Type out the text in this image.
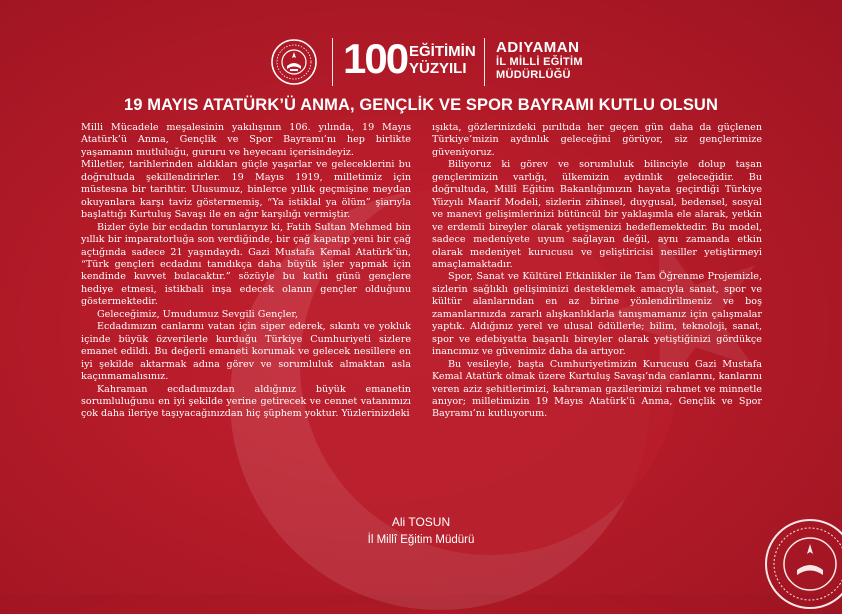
100 EĞİTİMİN
YÜZYILI
ADIYAMAN
İL MİLLİ EĞİTİM
MÜDÜRLÜĞÜ
19 MAYIS ATATÜRK’Ü ANMA, GENÇLİK VE SPOR BAYRAMI KUTLU OLSUN

Milli Mücadele meşalesinin yakılışının 106. yılında, 19 Mayıs Atatürk’ü Anma, Gençlik ve Spor Bayramı’nı hep birlikte yaşamanın mutluluğu, gururu ve heyecanı içerisindeyiz.

Milletler, tarihlerinden aldıkları güçle yaşarlar ve geleceklerini bu doğrultuda şekillendirirler. 19 Mayıs 1919, milletimiz için müstesna bir tarihtir. Ulusumuz, binlerce yıllık geçmişine meydan okuyanlara karşı taviz göstermemiş, “Ya istiklal ya ölüm” şiarıyla başlattığı Kurtuluş Savaşı ile en ağır karşılığı vermiştir.

Bizler öyle bir ecdadın torunlarıyız ki, Fatih Sultan Mehmed bin yıllık bir imparatorluğa son verdiğinde, bir çağ kapatıp yeni bir çağ açtığında sadece 21 yaşındaydı. Gazi Mustafa Kemal Atatürk’ün, “Türk gençleri ecdadını tanıdıkça daha büyük işler yapmak için kendinde kuvvet bulacaktır.” sözüyle bu kutlu günü gençlere hediye etmesi, istikbali inşa edecek olanın gençler olduğunu göstermektedir.

Geleceğimiz, Umudumuz Sevgili Gençler,

Ecdadımızın canlarını vatan için siper ederek, sıkıntı ve yokluk içinde büyük özverilerle kurduğu Türkiye Cumhuriyeti sizlere emanet edildi. Bu değerli emaneti korumak ve gelecek nesillere en iyi şekilde aktarmak adına görev ve sorumluluk almaktan asla kaçınmamalısınız.

Kahraman ecdadımızdan aldığınız büyük emanetin sorumluluğunu en iyi şekilde yerine getirecek ve cennet vatanımızı çok daha ileriye taşıyacağınızdan hiç şüphem yoktur. Yüzlerinizdeki

ışıkta, gözlerinizdeki pırıltıda her geçen gün daha da güçlenen Türkiye’mizin aydınlık geleceğini görüyor, siz gençlerimize güveniyoruz.

Biliyoruz ki görev ve sorumluluk bilinciyle dolup taşan gençlerimizin varlığı, ülkemizin aydınlık geleceğidir. Bu doğrultuda, Millî Eğitim Bakanlığımızın hayata geçirdiği Türkiye Yüzyılı Maarif Modeli, sizlerin zihinsel, duygusal, bedensel, sosyal ve manevi gelişimlerinizi bütüncül bir yaklaşımla ele alarak, yetkin ve erdemli bireyler olarak yetişmenizi hedeflemektedir. Bu model, sadece medeniyete uyum sağlayan değil, aynı zamanda etkin olarak medeniyet kurucusu ve geliştiricisi nesiller yetiştirmeyi amaçlamaktadır.

Spor, Sanat ve Kültürel Etkinlikler ile Tam Öğrenme Projemizle, sizlerin sağlıklı gelişiminizi desteklemek amacıyla sanat, spor ve kültür alanlarından en az birine yönlendirilmeniz ve boş zamanlarınızda zararlı alışkanlıklarla tanışmamanız için çalışmalar yaptık. Aldığınız yerel ve ulusal ödüllerle; bilim, teknoloji, sanat, spor ve edebiyatta başarılı bireyler olarak yetiştiğinizi gördükçe inancımız ve güvenimiz daha da artıyor.

Bu vesileyle, başta Cumhuriyetimizin Kurucusu Gazi Mustafa Kemal Atatürk olmak üzere Kurtuluş Savaşı’nda canlarını, kanlarını veren aziz şehitlerimizi, kahraman gazilerimizi rahmet ve minnetle anıyor; milletimizin 19 Mayıs Atatürk’ü Anma, Gençlik ve Spor Bayramı’nı kutluyorum.

Ali TOSUN
İl Millî Eğitim Müdürü
